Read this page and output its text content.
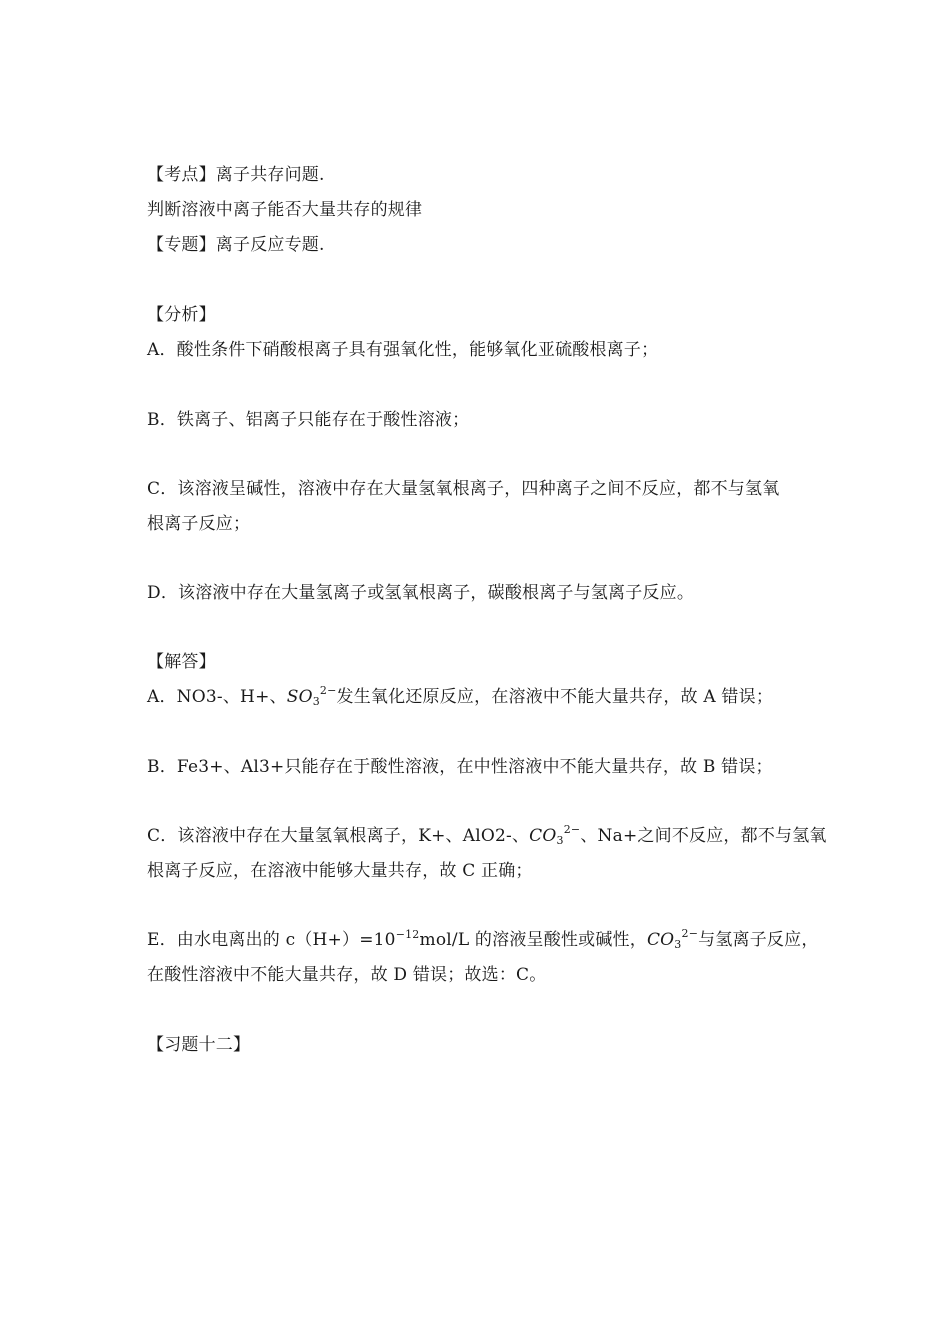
【考点】离子共存问题.
判断溶液中离子能否大量共存的规律
【专题】离子反应专题.
【分析】
A．酸性条件下硝酸根离子具有强氧化性，能够氧化亚硫酸根离子；
B．铁离子、铝离子只能存在于酸性溶液；
C．该溶液呈碱性，溶液中存在大量氢氧根离子，四种离子之间不反应，都不与氢氧
根离子反应；
D．该溶液中存在大量氢离子或氢氧根离子，碳酸根离子与氢离子反应。
【解答】
A．NO3-、H+、$SO_3^{2-}$发生氧化还原反应，在溶液中不能大量共存，故 A 错误；
B．Fe3+、Al3+只能存在于酸性溶液，在中性溶液中不能大量共存，故 B 错误；
C．该溶液中存在大量氢氧根离子，K+、AlO2-、$CO_3^{2-}$、Na+之间不反应，都不与氢氧
根离子反应，在溶液中能够大量共存，故 C 正确；
E．由水电离出的 $c(H+)=10^{-12}mol/L$ 的溶液呈酸性或碱性，$CO_3^{2-}$与氢离子反应，
在酸性溶液中不能大量共存，故 D 错误；故选：C。
【习题十二】
